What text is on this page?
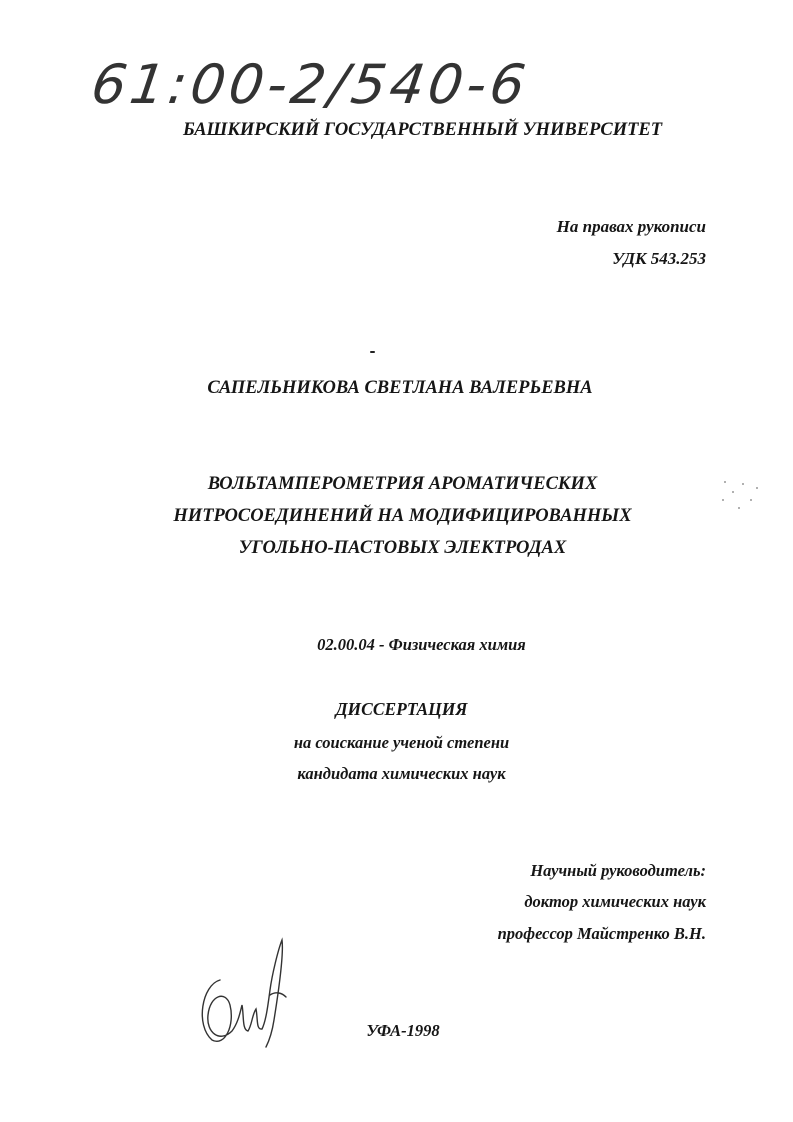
61:00-2/540-6
БАШКИРСКИЙ ГОСУДАРСТВЕННЫЙ УНИВЕРСИТЕТ
На правах рукописи
УДК 543.253
САПЕЛЬНИКОВА СВЕТЛАНА ВАЛЕРЬЕВНА
ВОЛЬТАМПЕРОМЕТРИЯ АРОМАТИЧЕСКИХ
НИТРОСОЕДИНЕНИЙ НА МОДИФИЦИРОВАННЫХ
УГОЛЬНО-ПАСТОВЫХ ЭЛЕКТРОДАХ
02.00.04 - Физическая химия
ДИССЕРТАЦИЯ
на соискание ученой степени
кандидата химических наук
Научный руководитель:
доктор химических наук
профессор Майстренко В.Н.
УФА-1998
